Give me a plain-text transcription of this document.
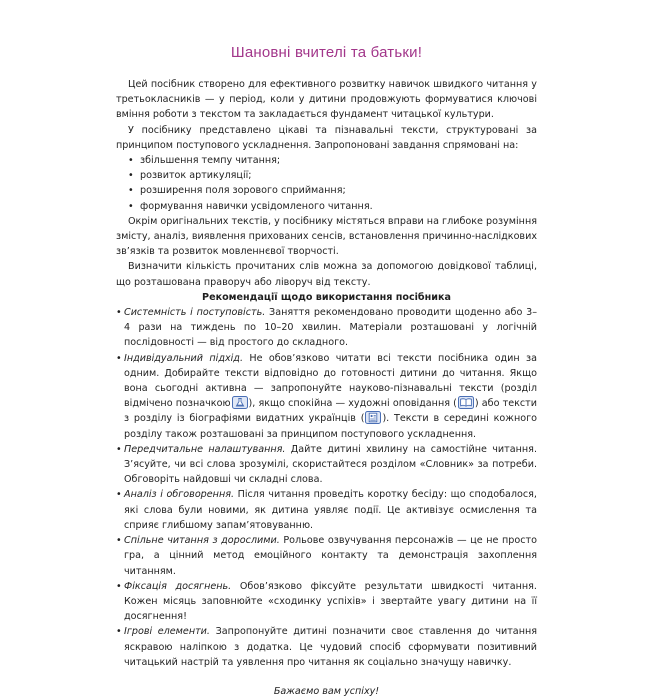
Шановні вчителі та батьки!

Цей посібник створено для ефективного розвитку навичок швидкого читання у третьокласників — у період, коли у дитини продовжують формуватися ключові вміння роботи з текстом та закладається фундамент читацької культури.

У посібнику представлено цікаві та пізнавальні тексти, структуровані за принципом поступового ускладнення. Запропоновані завдання спрямовані на:

• збільшення темпу читання;
• розвиток артикуляції;
• розширення поля зорового сприймання;
• формування навички усвідомленого читання.

Окрім оригінальних текстів, у посібнику містяться вправи на глибоке розуміння змісту, аналіз, виявлення прихованих сенсів, встановлення причинно-наслідкових зв’язків та розвиток мовленнєвої творчості.

Визначити кількість прочитаних слів можна за допомогою довідкової таблиці, що розташована праворуч або ліворуч від тексту.

Рекомендації щодо використання посібника
• Системність і поступовість. Заняття рекомендовано проводити щоденно або 3–4 рази на тиждень по 10–20 хвилин. Матеріали розташовані у логічній послідовності — від простого до складного.
• Індивідуальний підхід. Не обов’язково читати всі тексти посібника один за одним. Добирайте тексти відповідно до готовності дитини до читання. Якщо вона сьогодні активна — запропонуйте науково-пізнавальні тексти (розділ відмічено позначкою ), якщо спокійна — художні оповідання ( ) або тексти з розділу із біографіями видатних українців ( ). Тексти в середині кожного розділу також розташовані за принципом поступового ускладнення.
• Передчитальне налаштування. Дайте дитині хвилину на самостійне читання. З’ясуйте, чи всі слова зрозумілі, скористайтеся розділом «Словник» за потреби. Обговоріть найдовші чи складні слова.
• Аналіз і обговорення. Після читання проведіть коротку бесіду: що сподобалося, які слова були новими, як дитина уявляє події. Це активізує осмислення та сприяє глибшому запам’ятовуванню.
• Спільне читання з дорослими. Рольове озвучування персонажів — це не просто гра, а цінний метод емоційного контакту та демонстрація захоплення читанням.
• Фіксація досягнень. Обов’язково фіксуйте результати швидкості читання. Кожен місяць заповнюйте «сходинку успіхів» і звертайте увагу дитини на її досягнення!
• Ігрові елементи. Запропонуйте дитині позначити своє ставлення до читання яскравою наліпкою з додатка. Це чудовий спосіб сформувати позитивний читацький настрій та уявлення про читання як соціально значущу навичку.
Бажаємо вам успіху!
